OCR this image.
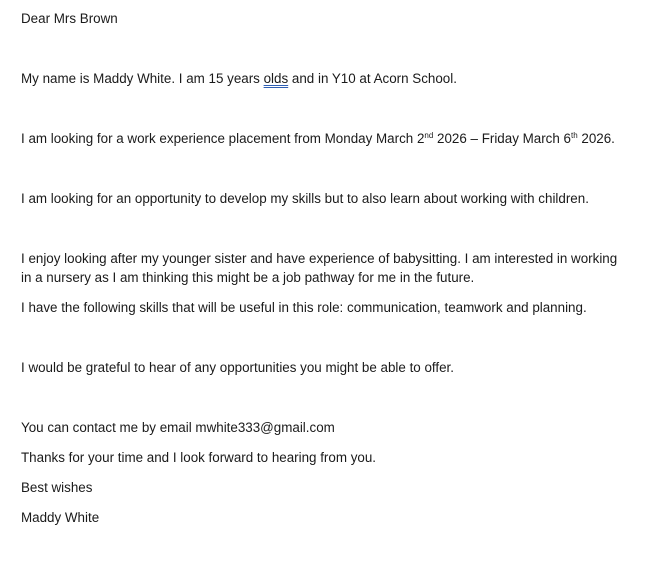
Dear Mrs Brown

My name is Maddy White. I am 15 years olds and in Y10 at Acorn School.

I am looking for a work experience placement from Monday March 2nd 2026 – Friday March 6th 2026.

I am looking for an opportunity to develop my skills but to also learn about working with children.

I enjoy looking after my younger sister and have experience of babysitting. I am interested in working

in a nursery as I am thinking this might be a job pathway for me in the future.

I have the following skills that will be useful in this role: communication, teamwork and planning.

I would be grateful to hear of any opportunities you might be able to offer.

You can contact me by email mwhite333@gmail.com

Thanks for your time and I look forward to hearing from you.

Best wishes

Maddy White
